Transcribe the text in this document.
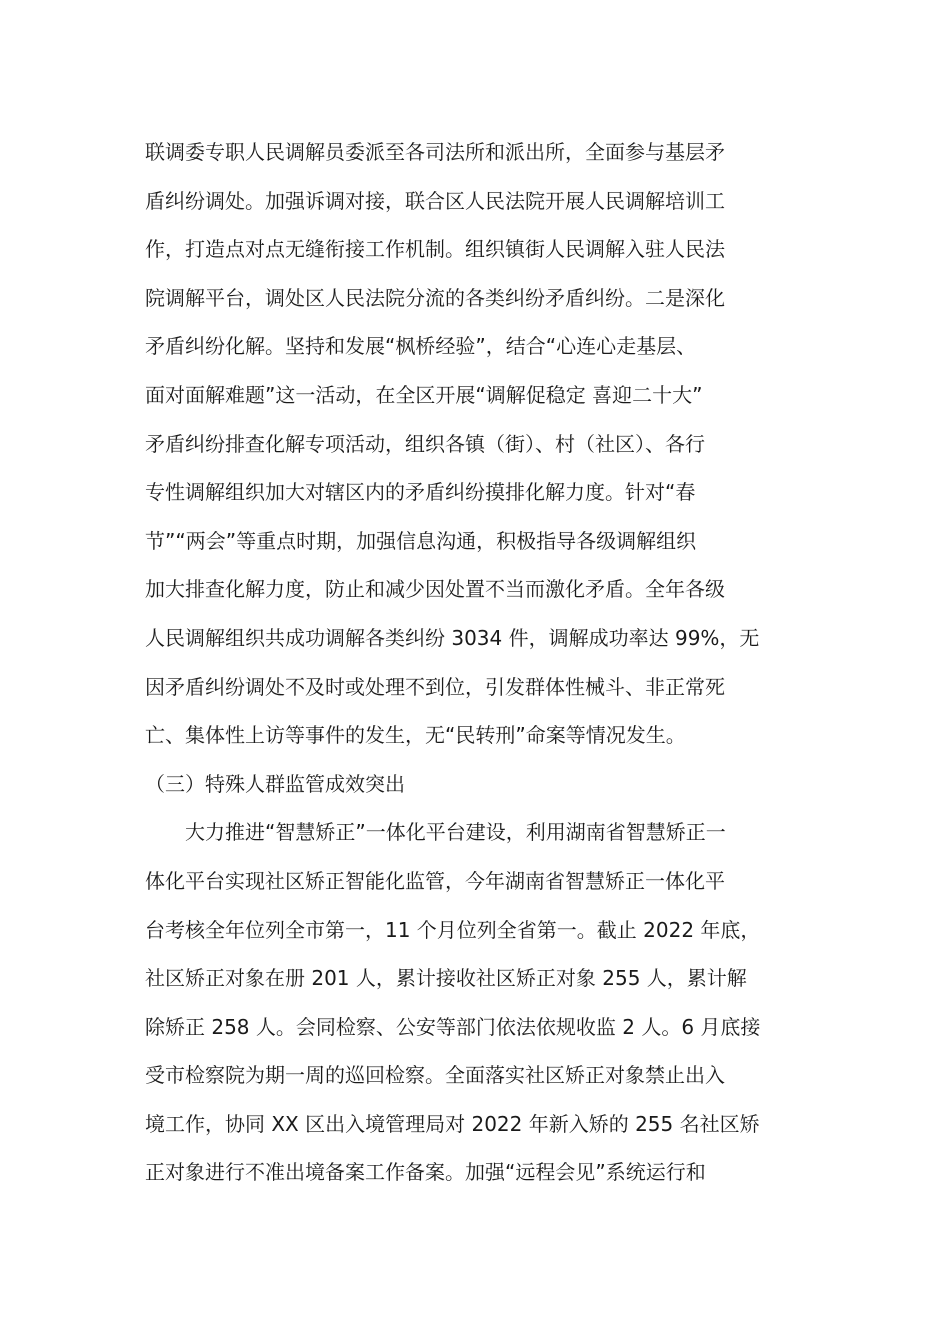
联调委专职人民调解员委派至各司法所和派出所，全面参与基层矛
盾纠纷调处。加强诉调对接，联合区人民法院开展人民调解培训工
作，打造点对点无缝衔接工作机制。组织镇街人民调解入驻人民法
院调解平台，调处区人民法院分流的各类纠纷矛盾纠纷。二是深化
矛盾纠纷化解。坚持和发展“枫桥经验”，结合“心连心走基层、
面对面解难题”这一活动，在全区开展“调解促稳定 喜迎二十大”
矛盾纠纷排查化解专项活动，组织各镇（街）、村（社区）、各行
专性调解组织加大对辖区内的矛盾纠纷摸排化解力度。针对“春
节”“两会”等重点时期，加强信息沟通，积极指导各级调解组织
加大排查化解力度，防止和减少因处置不当而激化矛盾。全年各级
人民调解组织共成功调解各类纠纷 3034 件，调解成功率达 99%，无
因矛盾纠纷调处不及时或处理不到位，引发群体性械斗、非正常死
亡、集体性上访等事件的发生，无“民转刑”命案等情况发生。
（三）特殊人群监管成效突出
大力推进“智慧矫正”一体化平台建设，利用湖南省智慧矫正一
体化平台实现社区矫正智能化监管，今年湖南省智慧矫正一体化平
台考核全年位列全市第一，11 个月位列全省第一。截止 2022 年底，
社区矫正对象在册 201 人，累计接收社区矫正对象 255 人，累计解
除矫正 258 人。会同检察、公安等部门依法依规收监 2 人。6 月底接
受市检察院为期一周的巡回检察。全面落实社区矫正对象禁止出入
境工作，协同 XX 区出入境管理局对 2022 年新入矫的 255 名社区矫
正对象进行不准出境备案工作备案。加强“远程会见”系统运行和
